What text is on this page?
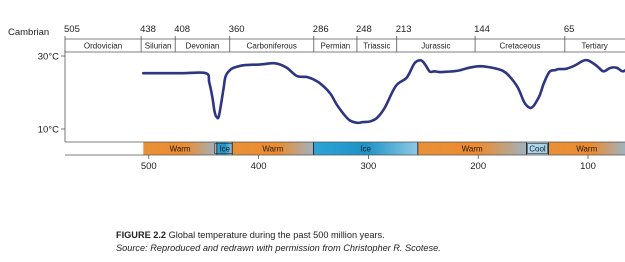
Warm	Ice	Warm	Ice	Warm	Cool	Warm
Cambrian 505	438 408	360	286	248	213	144	65
Ordovician	Silurian Devonian	Carboniferous	Permian Triassic	Jurassic	Cretaceous	Tertiary
30°C
10°C
500	400	300	200	100
FIGURE 2.2 Global temperature during the past 500 million years.
Source: Reproduced and redrawn with permission from Christopher R. Scotese.
